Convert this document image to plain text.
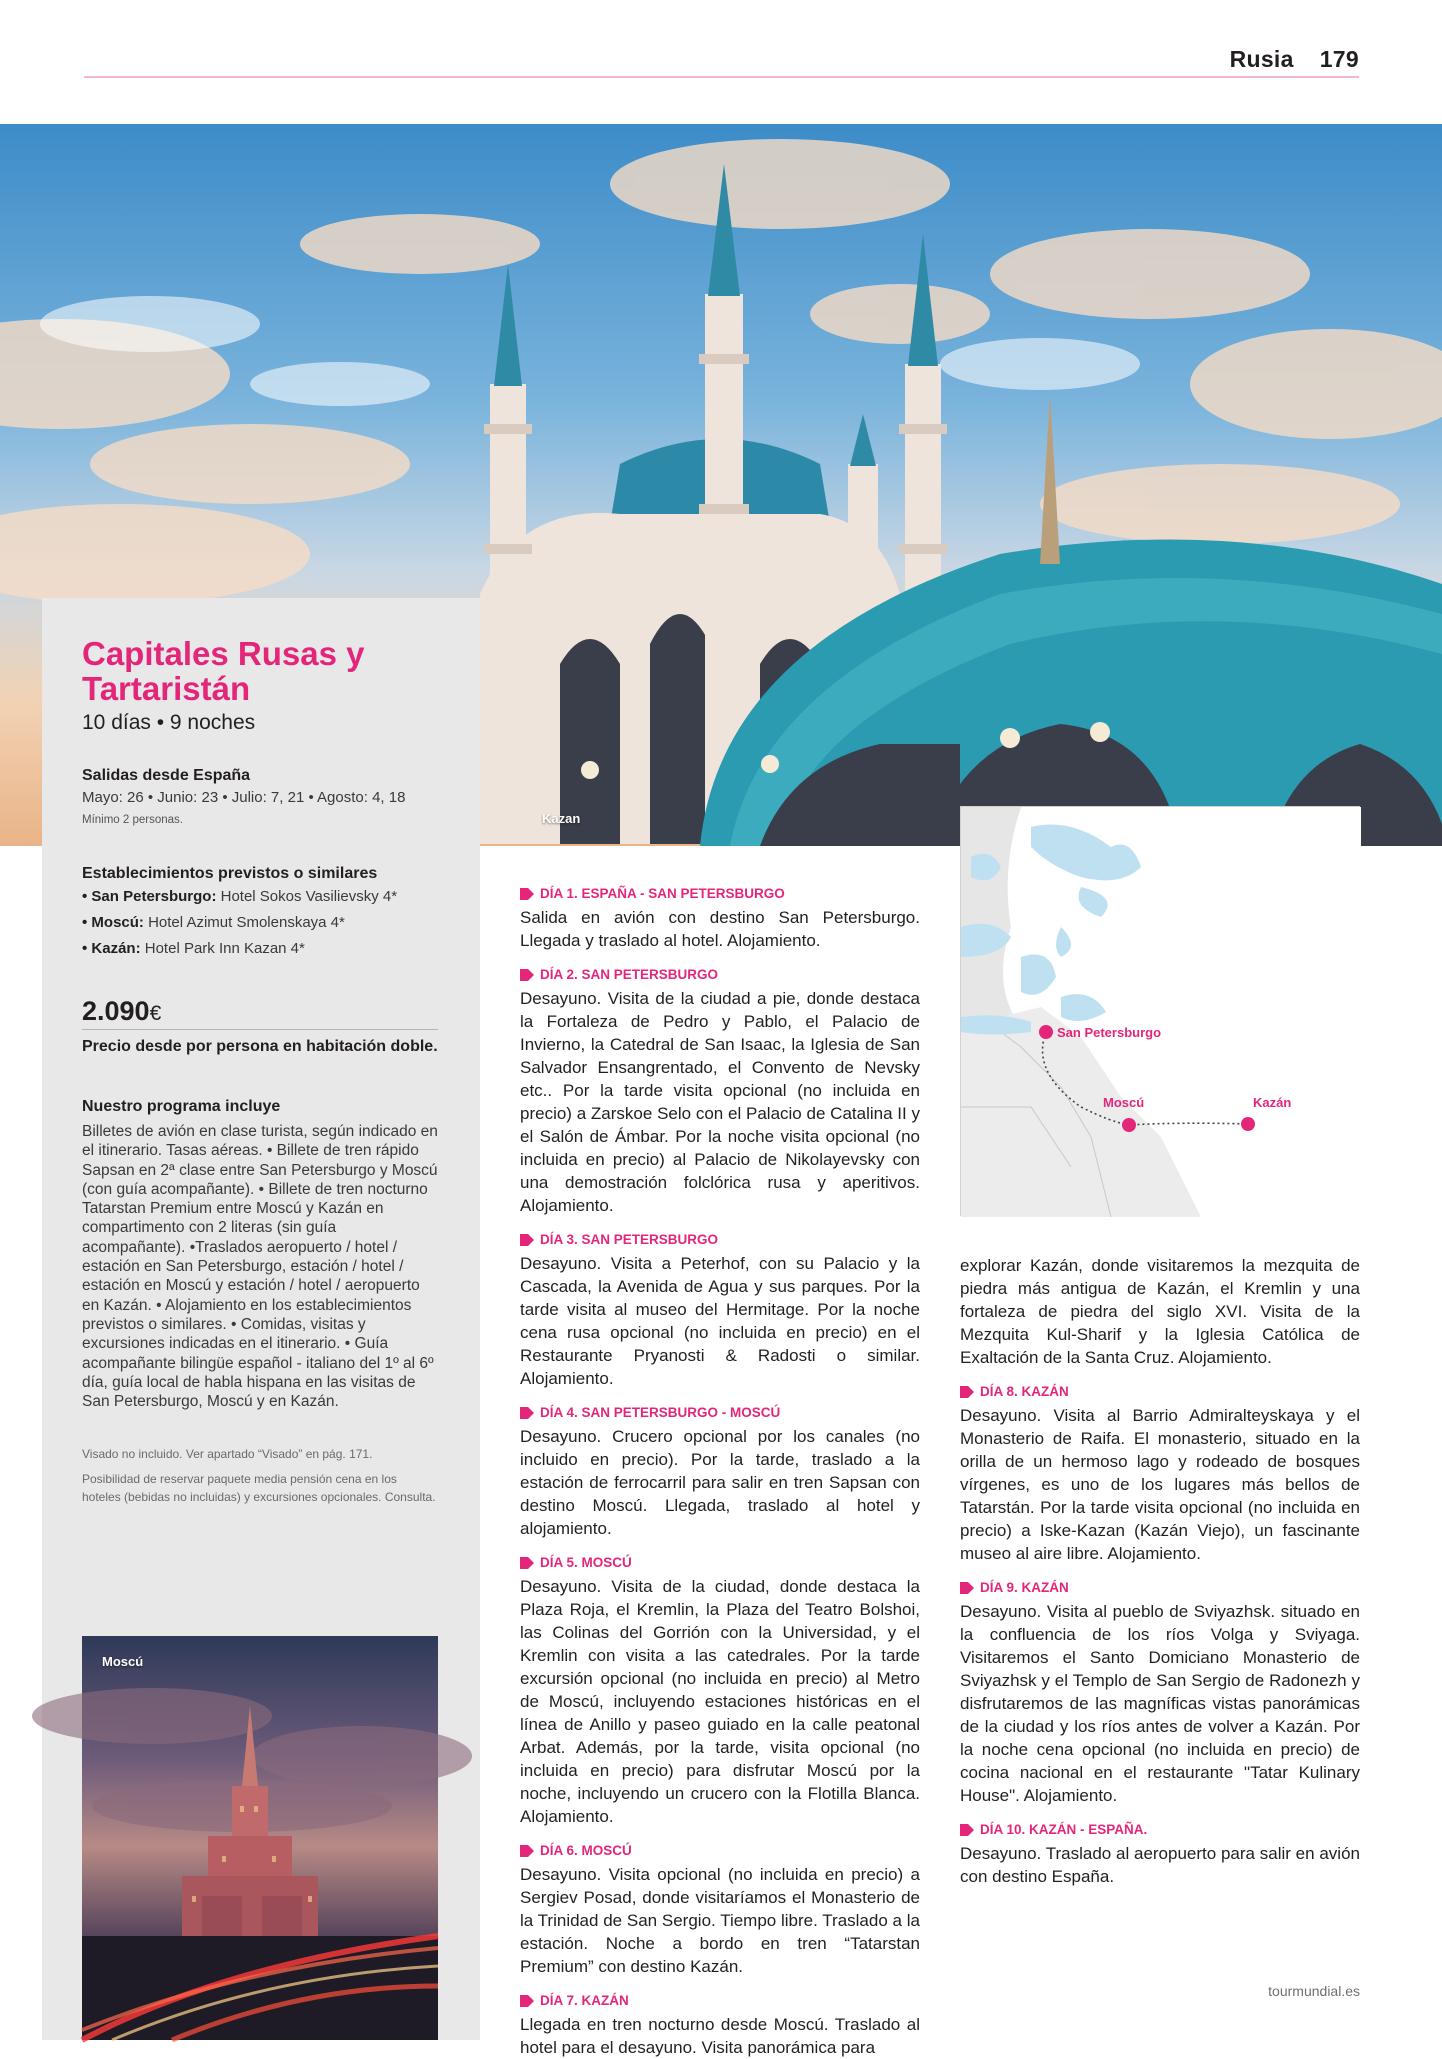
Rusia 179
Kazan
Capitales Rusas y Tartaristán
10 días • 9 noches
Salidas desde España
Mayo: 26 • Junio: 23 • Julio: 7, 21 • Agosto: 4, 18
Mínimo 2 personas.
Establecimientos previstos o similares
• San Petersburgo: Hotel Sokos Vasilievsky 4*
• Moscú: Hotel Azimut Smolenskaya 4*
• Kazán: Hotel Park Inn Kazan 4*
2.090€
Precio desde por persona en habitación doble.
Nuestro programa incluye
Billetes de avión en clase turista, según indicado en el itinerario. Tasas aéreas. • Billete de tren rápido Sapsan en 2ª clase entre San Petersburgo y Moscú (con guía acompañante). • Billete de tren nocturno Tatarstan Premium entre Moscú y Kazán en compartimento con 2 literas (sin guía acompañante). •Traslados aeropuerto / hotel / estación en San Petersburgo, estación / hotel / estación en Moscú y estación / hotel / aeropuerto en Kazán. • Alojamiento en los establecimientos previstos o similares. • Comidas, visitas y excursiones indicadas en el itinerario. • Guía acompañante bilingüe español - italiano del 1º al 6º día, guía local de habla hispana en las visitas de San Petersburgo, Moscú y en Kazán.
Visado no incluido. Ver apartado “Visado” en pág. 171.
Posibilidad de reservar paquete media pensión cena en los hoteles (bebidas no incluidas) y excursiones opcionales. Consulta.
Moscú
San Petersburgo
Moscú	Kazán
DÍA 1. ESPAÑA - SAN PETERSBURGO
Salida en avión con destino San Petersburgo. Llegada y traslado al hotel. Alojamiento.
DÍA 2. SAN PETERSBURGO
Desayuno. Visita de la ciudad a pie, donde destaca la Fortaleza de Pedro y Pablo, el Palacio de Invierno, la Catedral de San Isaac, la Iglesia de San Salvador Ensangrentado, el Convento de Nevsky etc.. Por la tarde visita opcional (no incluida en precio) a Zarskoe Selo con el Palacio de Catalina II y el Salón de Ámbar. Por la noche visita opcional (no incluida en precio) al Palacio de Nikolayevsky con una demostración folclórica rusa y aperitivos. Alojamiento.
DÍA 3. SAN PETERSBURGO
Desayuno. Visita a Peterhof, con su Palacio y la Cascada, la Avenida de Agua y sus parques. Por la tarde visita al museo del Hermitage. Por la noche cena rusa opcional (no incluida en precio) en el Restaurante Pryanosti & Radosti o similar. Alojamiento.
DÍA 4. SAN PETERSBURGO - MOSCÚ
Desayuno. Crucero opcional por los canales (no incluido en precio). Por la tarde, traslado a la estación de ferrocarril para salir en tren Sapsan con destino Moscú. Llegada, traslado al hotel y alojamiento.
DÍA 5. MOSCÚ
Desayuno. Visita de la ciudad, donde destaca la Plaza Roja, el Kremlin, la Plaza del Teatro Bolshoi, las Colinas del Gorrión con la Universidad, y el Kremlin con visita a las catedrales. Por la tarde excursión opcional (no incluida en precio) al Metro de Moscú, incluyendo estaciones históricas en el línea de Anillo y paseo guiado en la calle peatonal Arbat. Además, por la tarde, visita opcional (no incluida en precio) para disfrutar Moscú por la noche, incluyendo un crucero con la Flotilla Blanca. Alojamiento.
DÍA 6. MOSCÚ
Desayuno. Visita opcional (no incluida en precio) a Sergiev Posad, donde visitaríamos el Monasterio de la Trinidad de San Sergio. Tiempo libre. Traslado a la estación. Noche a bordo en tren “Tatarstan Premium” con destino Kazán.
DÍA 7. KAZÁN
Llegada en tren nocturno desde Moscú. Traslado al hotel para el desayuno. Visita panorámica para
explorar Kazán, donde visitaremos la mezquita de piedra más antigua de Kazán, el Kremlin y una fortaleza de piedra del siglo XVI. Visita de la Mezquita Kul-Sharif y la Iglesia Católica de Exaltación de la Santa Cruz. Alojamiento.
DÍA 8. KAZÁN
Desayuno. Visita al Barrio Admiralteyskaya y el Monasterio de Raifa. El monasterio, situado en la orilla de un hermoso lago y rodeado de bosques vírgenes, es uno de los lugares más bellos de Tatarstán. Por la tarde visita opcional (no incluida en precio) a Iske-Kazan (Kazán Viejo), un fascinante museo al aire libre. Alojamiento.
DÍA 9. KAZÁN
Desayuno. Visita al pueblo de Sviyazhsk. situado en la confluencia de los ríos Volga y Sviyaga. Visitaremos el Santo Domiciano Monasterio de Sviyazhsk y el Templo de San Sergio de Radonezh y disfrutaremos de las magníficas vistas panorámicas de la ciudad y los ríos antes de volver a Kazán. Por la noche cena opcional (no incluida en precio) de cocina nacional en el restaurante "Tatar Kulinary House". Alojamiento.
DÍA 10. KAZÁN - ESPAÑA.
Desayuno. Traslado al aeropuerto para salir en avión con destino España.
tourmundial.es
